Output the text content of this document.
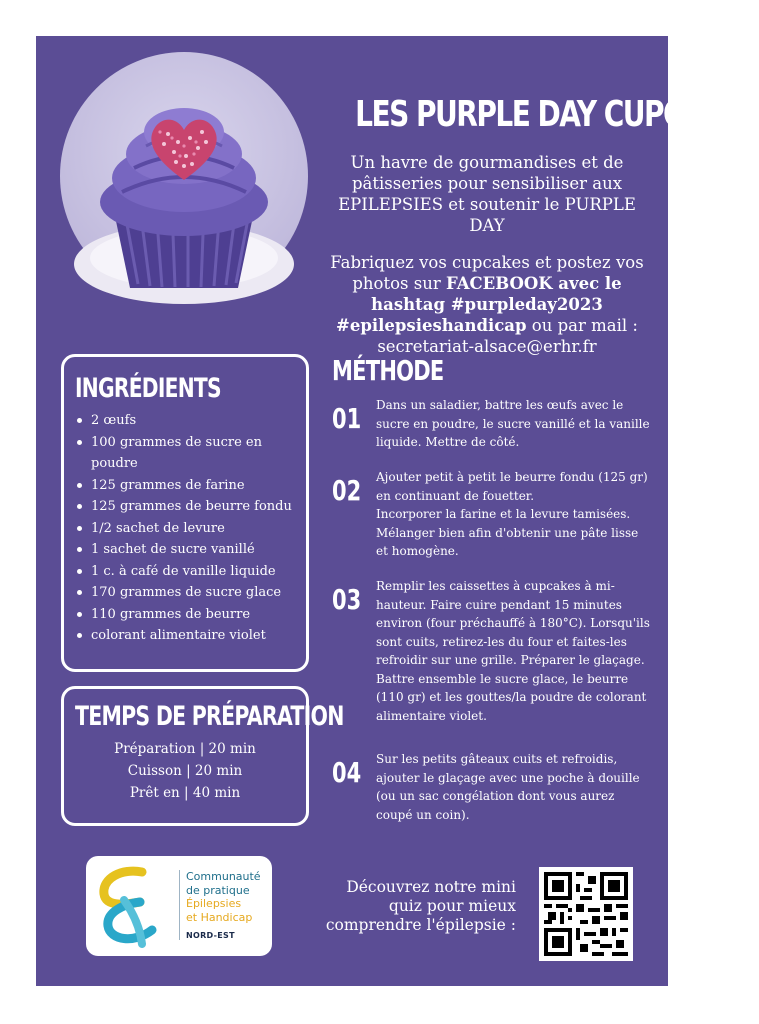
LES PURPLE DAY CUPCAKES

Un havre de gourmandises et de pâtisseries pour sensibiliser aux EPILEPSIES et soutenir le PURPLE DAY

Fabriquez vos cupcakes et postez vos photos sur FACEBOOK avec le hashtag #purpleday2023 #epilepsieshandicap ou par mail : secretariat-alsace@erhr.fr

INGRÉDIENTS
2 œufs
100 grammes de sucre en poudre
125 grammes de farine
125 grammes de beurre fondu
1/2 sachet de levure
1 sachet de sucre vanillé
1 c. à café de vanille liquide
170 grammes de sucre glace
110 grammes de beurre
colorant alimentaire violet
TEMPS DE PRÉPARATION
Préparation | 20 min
Cuisson | 20 min
Prêt en | 40 min
MÉTHODE
01 Dans un saladier, battre les œufs avec le sucre en poudre, le sucre vanillé et la vanille liquide. Mettre de côté.
02 Ajouter petit à petit le beurre fondu (125 gr) en continuant de fouetter.
Incorporer la farine et la levure tamisées. Mélanger bien afin d'obtenir une pâte lisse et homogène.
03 Remplir les caissettes à cupcakes à mi-hauteur. Faire cuire pendant 15 minutes environ (four préchauffé à 180°C). Lorsqu'ils sont cuits, retirez-les du four et faites-les refroidir sur une grille. Préparer le glaçage. Battre ensemble le sucre glace, le beurre (110 gr) et les gouttes/la poudre de colorant alimentaire violet.
04 Sur les petits gâteaux cuits et refroidis, ajouter le glaçage avec une poche à douille (ou un sac congélation dont vous aurez coupé un coin).
Communauté
de pratique
Épilepsies
et Handicap
NORD-EST
Découvrez notre mini
quiz pour mieux
comprendre l'épilepsie :
